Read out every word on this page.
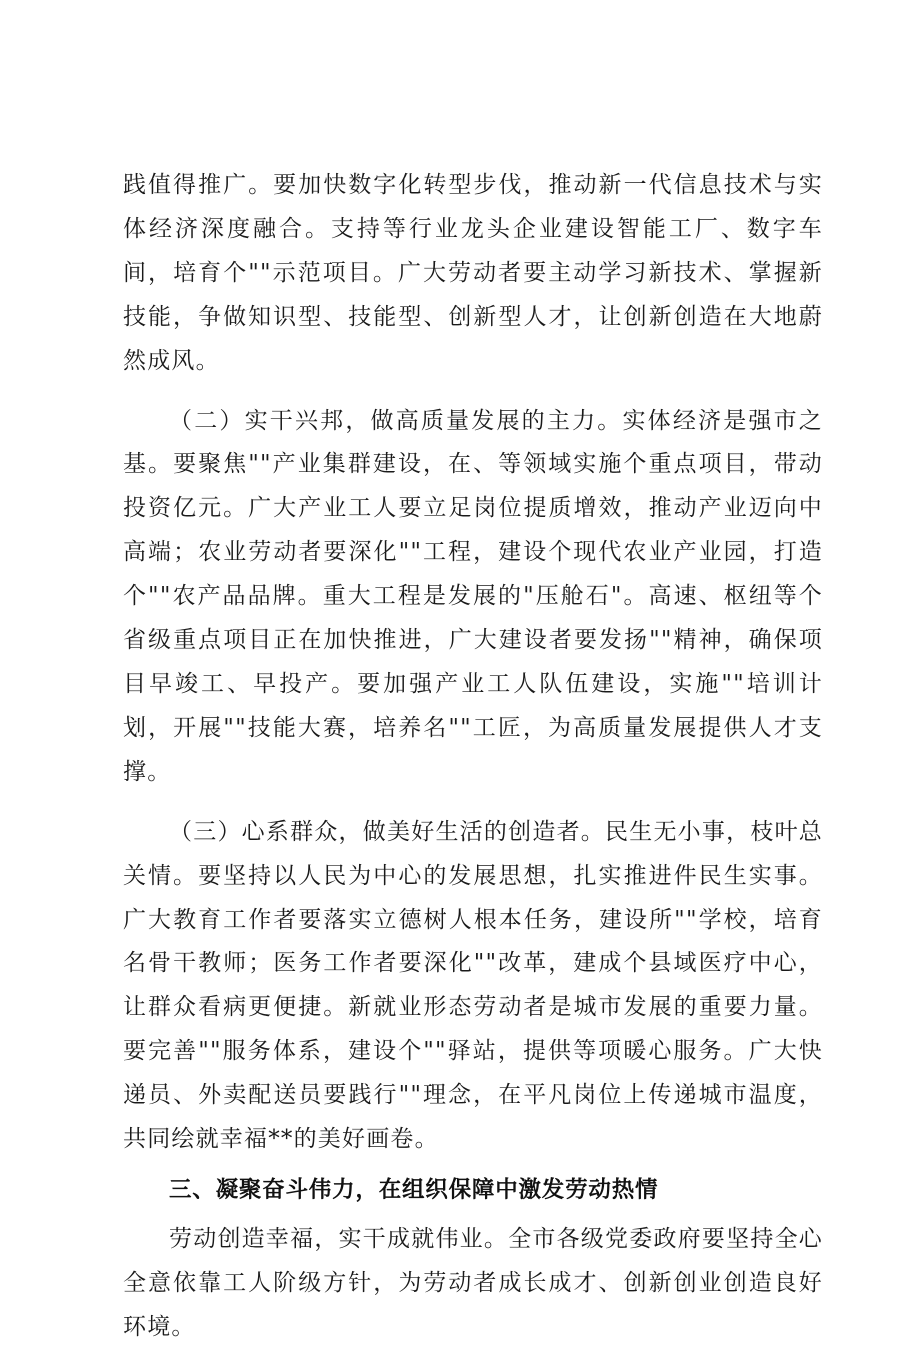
践值得推广。要加快数字化转型步伐，推动新一代信息技术与实体经济深度融合。支持等行业龙头企业建设智能工厂、数字车间，培育个""示范项目。广大劳动者要主动学习新技术、掌握新技能，争做知识型、技能型、创新型人才，让创新创造在大地蔚然成风。

（二）实干兴邦，做高质量发展的主力。实体经济是强市之基。要聚焦""产业集群建设，在、等领域实施个重点项目，带动投资亿元。广大产业工人要立足岗位提质增效，推动产业迈向中高端；农业劳动者要深化""工程，建设个现代农业产业园，打造个""农产品品牌。重大工程是发展的"压舱石"。高速、枢纽等个省级重点项目正在加快推进，广大建设者要发扬""精神，确保项目早竣工、早投产。要加强产业工人队伍建设，实施""培训计划，开展""技能大赛，培养名""工匠，为高质量发展提供人才支撑。

（三）心系群众，做美好生活的创造者。民生无小事，枝叶总关情。要坚持以人民为中心的发展思想，扎实推进件民生实事。广大教育工作者要落实立德树人根本任务，建设所""学校，培育名骨干教师；医务工作者要深化""改革，建成个县域医疗中心，让群众看病更便捷。新就业形态劳动者是城市发展的重要力量。要完善""服务体系，建设个""驿站，提供等项暖心服务。广大快递员、外卖配送员要践行""理念，在平凡岗位上传递城市温度，共同绘就幸福**的美好画卷。

三、凝聚奋斗伟力，在组织保障中激发劳动热情

劳动创造幸福，实干成就伟业。全市各级党委政府要坚持全心全意依靠工人阶级方针，为劳动者成长成才、创新创业创造良好环境。
